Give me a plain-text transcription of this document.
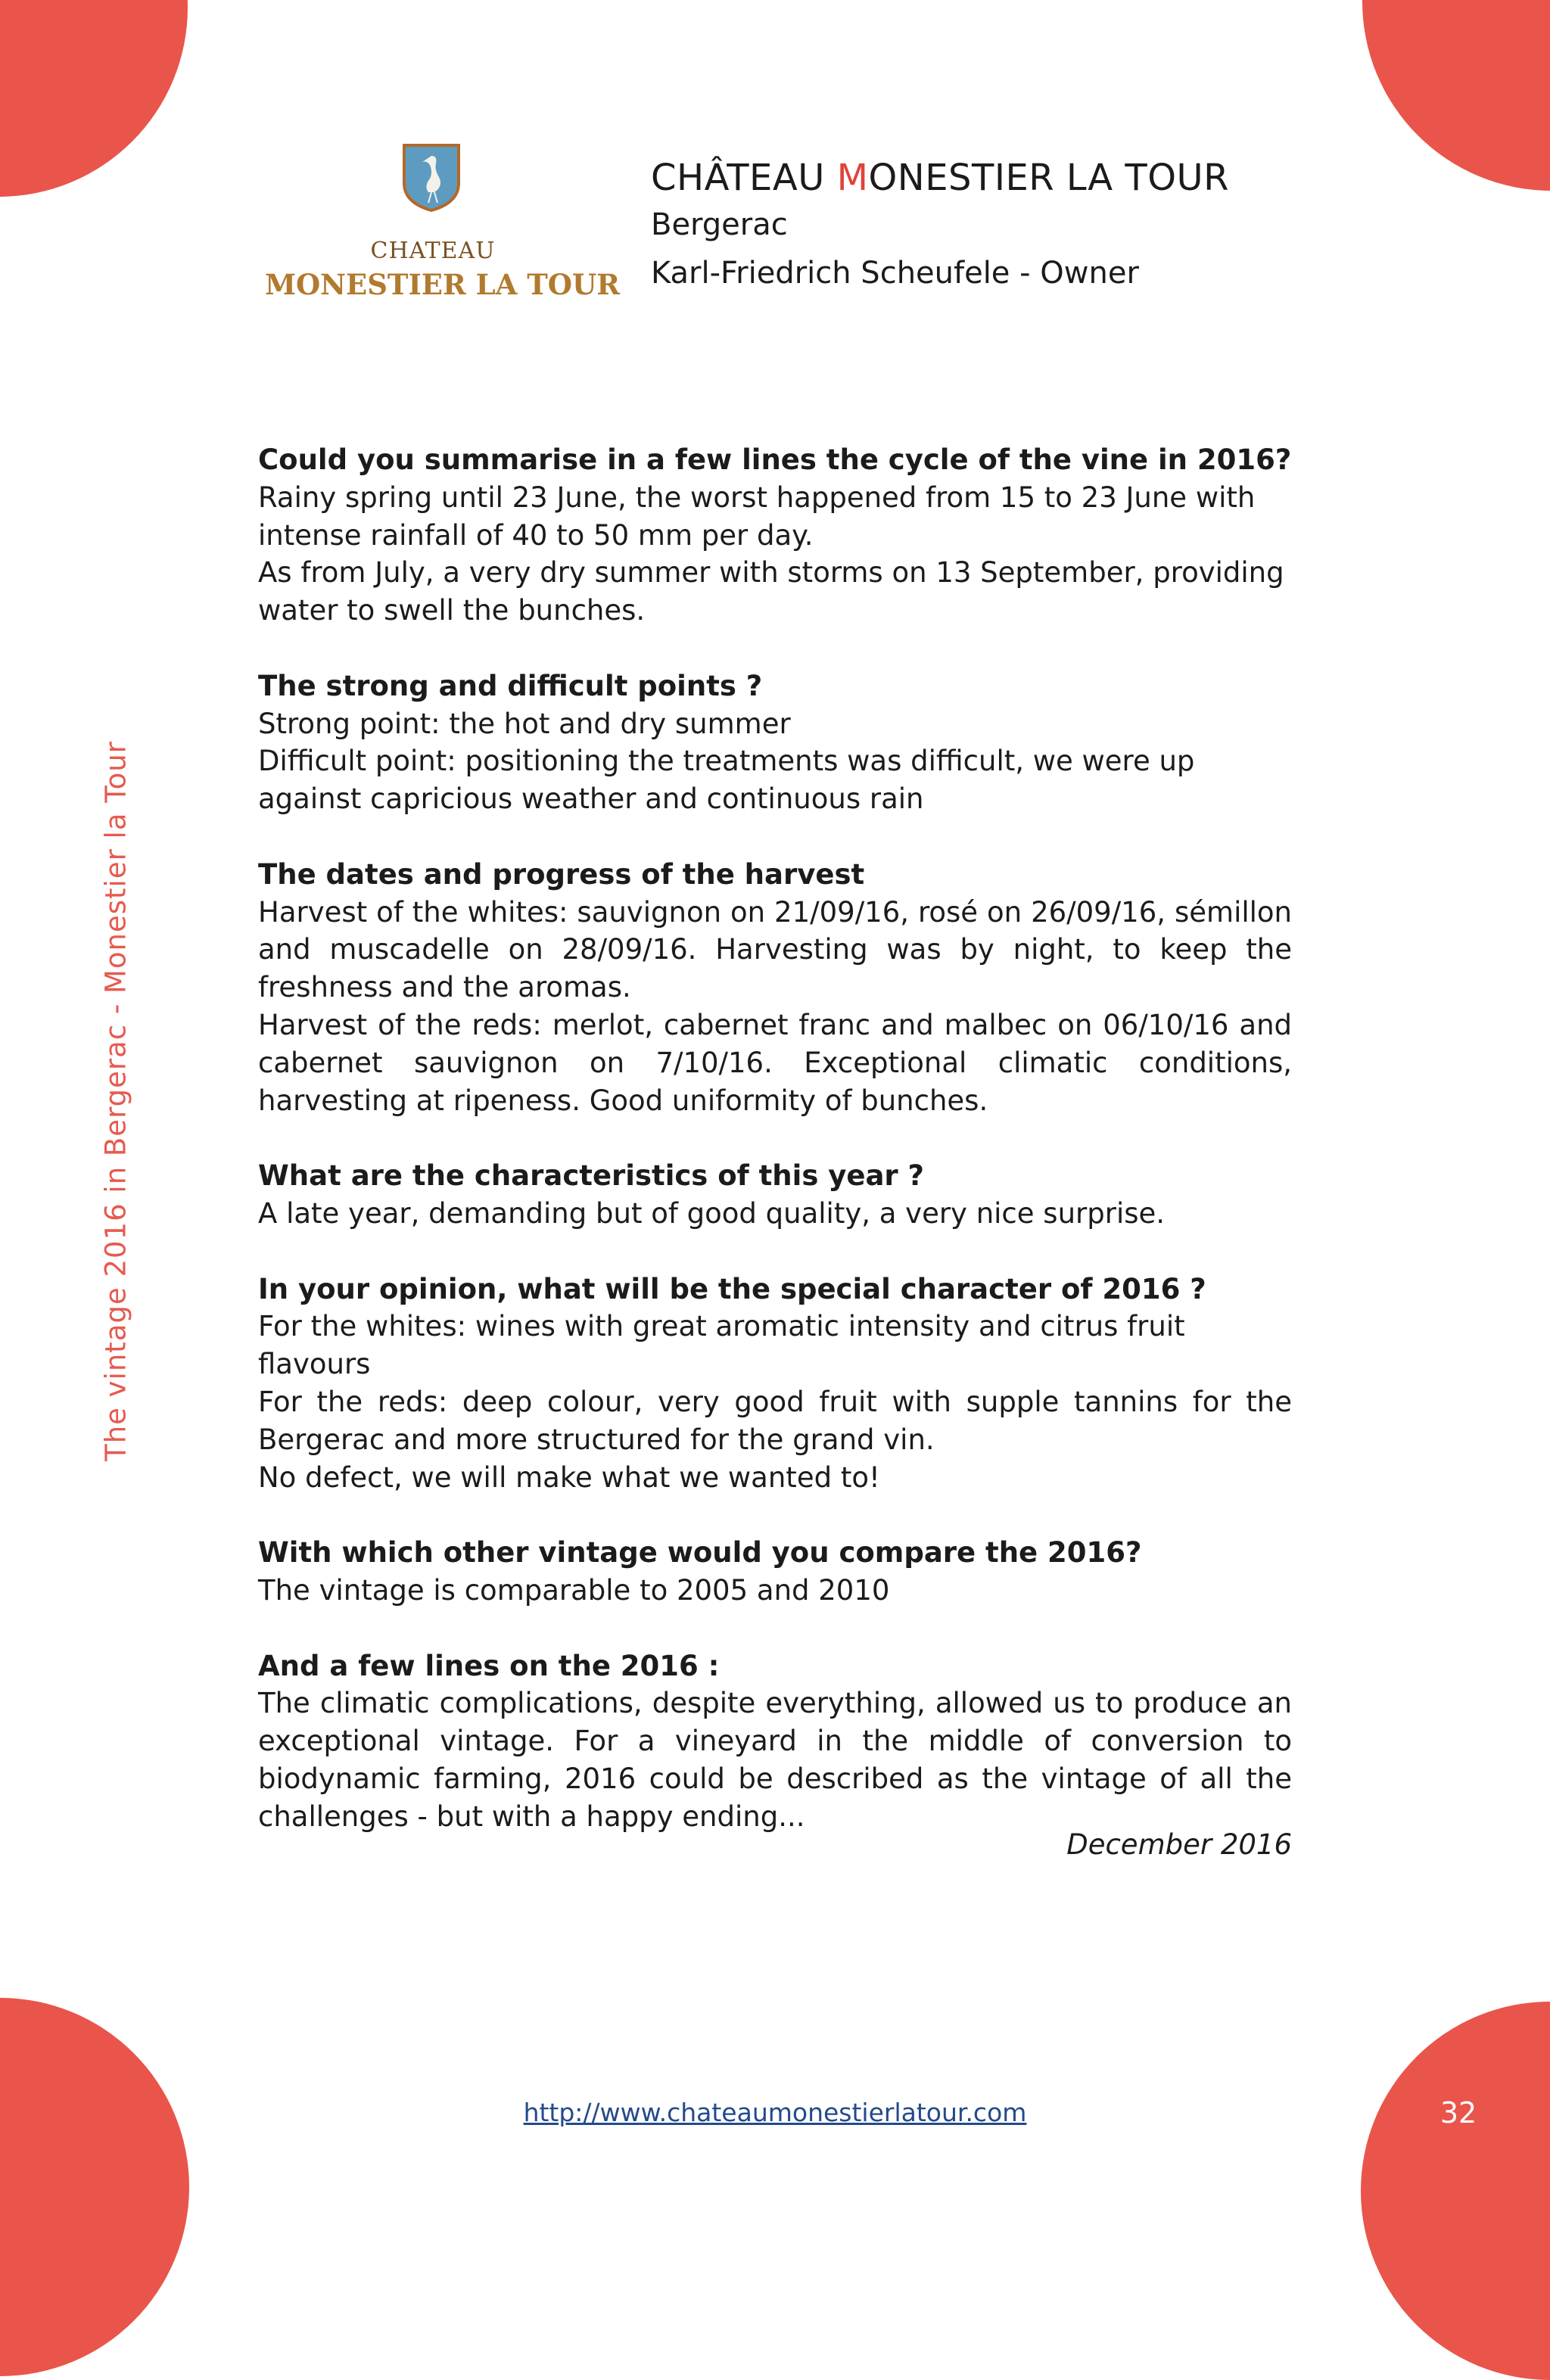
32
CHATEAU
MONESTIER LA TOUR
CHÂTEAU MONESTIER LA TOUR
Bergerac
Karl-Friedrich Scheufele - Owner
The vintage 2016 in Bergerac - Monestier la Tour
Could you summarise in a few lines the cycle of the vine in 2016?

Rainy spring until 23 June, the worst happened from 15 to 23 June with intense rainfall of 40 to 50 mm per day.

As from July, a very dry summer with storms on 13 September, providing water to swell the bunches.

The strong and difficult points ?

Strong point: the hot and dry summer

Difficult point: positioning the treatments was difficult, we were up against capricious weather and continuous rain

The dates and progress of the harvest

Harvest of the whites: sauvignon on 21/09/16, rosé on 26/09/16, sémillon and muscadelle on 28/09/16. Harvesting was by night, to keep the freshness and the aromas.

Harvest of the reds: merlot, cabernet franc and malbec on 06/10/16 and cabernet sauvignon on 7/10/16. Exceptional climatic conditions, harvesting at ripeness. Good uniformity of bunches.

What are the characteristics of this year ?

A late year, demanding but of good quality, a very nice surprise.

In your opinion, what will be the special character of 2016 ?

For the whites: wines with great aromatic intensity and citrus fruit flavours

For the reds: deep colour, very good fruit with supple tannins for the Bergerac and more structured for the grand vin.

No defect, we will make what we wanted to!

With which other vintage would you compare the 2016?

The vintage is comparable to 2005 and 2010

And a few lines on the 2016 :

The climatic complications, despite everything, allowed us to produce an exceptional vintage. For a vineyard in the middle of conversion to biodynamic farming, 2016 could be described as the vintage of all the challenges - but with a happy ending...

December 2016
http://www.chateaumonestierlatour.com
